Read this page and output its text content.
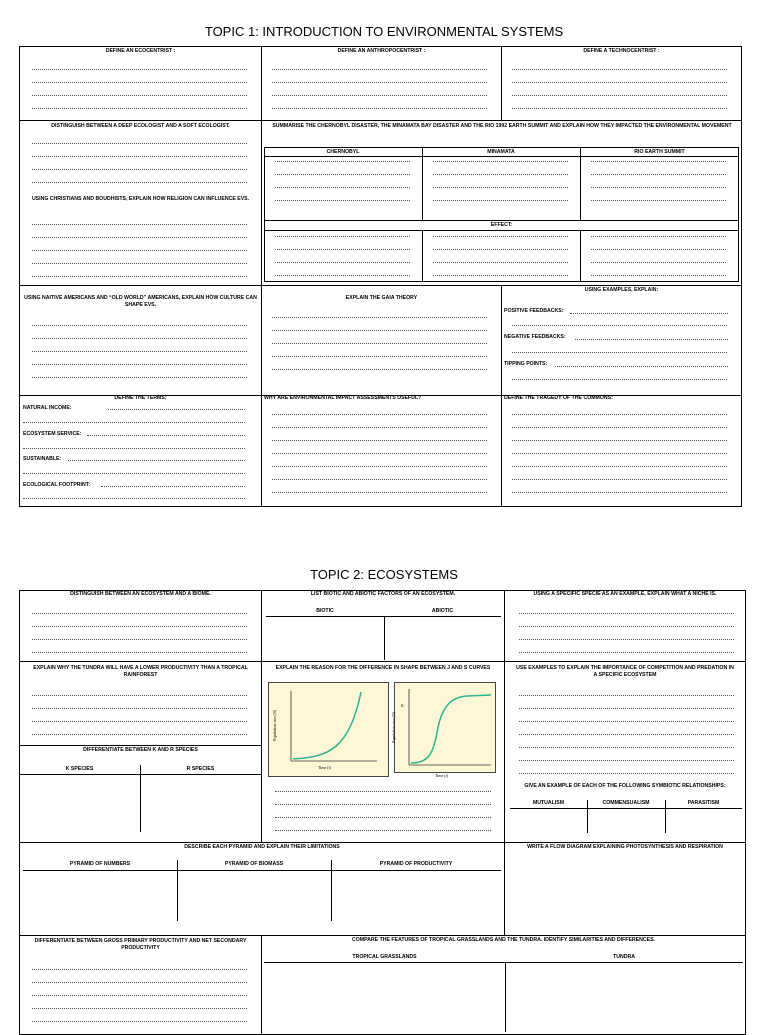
TOPIC 1: INTRODUCTION TO ENVIRONMENTAL SYSTEMS
DEFINE AN ECOCENTRIST :	DEFINE AN ANTHROPOCENTRIST :	DEFINE A TECHNOCENTRIST :
DISTINGUISH BETWEEN A DEEP ECOLOGIST AND A SOFT ECOLOGIST.
USING CHRISTIANS AND BOUDHISTS, EXPLAIN HOW RELIGION CAN INFLUENCE EVS.
SUMMARISE THE CHERNOBYL DISASTER, THE MINAMATA BAY DISASTER AND THE RIO 1992 EARTH SUMMIT AND EXPLAIN HOW THEY IMPACTED THE ENVIRONMENTAL MOVEMENT
CHERNOBYL	MINAMATA	RIO EARTH SUMMIT
EFFECT:
USING NAITIVE AMERICANS AND “OLD WORLD” AMERICANS, EXPLAIN HOW CULTURE CAN SHAPE EVS.
EXPLAIN THE GAIA THEORY
USING EXAMPLES, EXPLAIN:
POSITIVE FEEDBACKS:
NEGATIVE FEEDBACKS:
TIPPING POINTS:
DEFINE THE TERMS;
NATURAL INCOME:
ECOSYSTEM SERVICE:
SUSTAINABLE:
ECOLOGICAL FOOTPRINT:
WHY ARE ENVIRONMENTAL IMPACT ASSESSMENTS USEFUL?	DEFINE THE TRAGEDY OF THE COMMONS:
TOPIC 2: ECOSYSTEMS
DISTINGUISH BETWEEN AN ECOSYSTEM AND A BIOME.	LIST BIOTIC AND ABIOTIC FACTORS OF AN ECOSYSTEM.
BIOTIC	ABIOTIC
USING A SPECIFIC SPECIE AS AN EXAMPLE, EXPLAIN WHAT A NICHE IS.
EXPLAIN WHY THE TUNDRA WILL HAVE A LOWER PRODUCTIVITY THAN A TROPICAL RAINFOREST
DIFFERENTIATE BETWEEN K AND R SPECIES
K SPECIES	R SPECIES
EXPLAIN THE REASON FOR THE DIFFERENCE IN SHAPE BETWEEN J AND S CURVES
Population size (N)
Time (t)
K
Population size (N)
Time (t)
USE EXAMPLES TO EXPLAIN THE IMPORTANCE OF COMPETITION AND PREDATION IN A SPECIFIC ECOSYSTEM
GIVE AN EXAMPLE OF EACH OF THE FOLLOWING SYMBIOTIC RELATIONSHIPS:
MUTUALISM	COMMENSUALISM	PARASITISM
DESCRIBE EACH PYRAMID AND EXPLAIN THEIR LIMITATIONS
PYRAMID OF NUMBERS	PYRAMID OF BIOMASS	PYRAMID OF PRODUCTIVITY
WRITE A FLOW DIAGRAM EXPLAINING PHOTOSYNTHESIS AND RESPIRATION
DIFFERENTIATE BETWEEN GROSS PRIMARY PRODUCTIVITY AND NET SECONDARY PRODUCTIVITY
COMPARE THE FEATURES OF TROPICAL GRASSLANDS AND THE TUNDRA. IDENTIFY SIMILARITIES AND DIFFERENCES.
TROPICAL GRASSLANDS	TUNDRA
